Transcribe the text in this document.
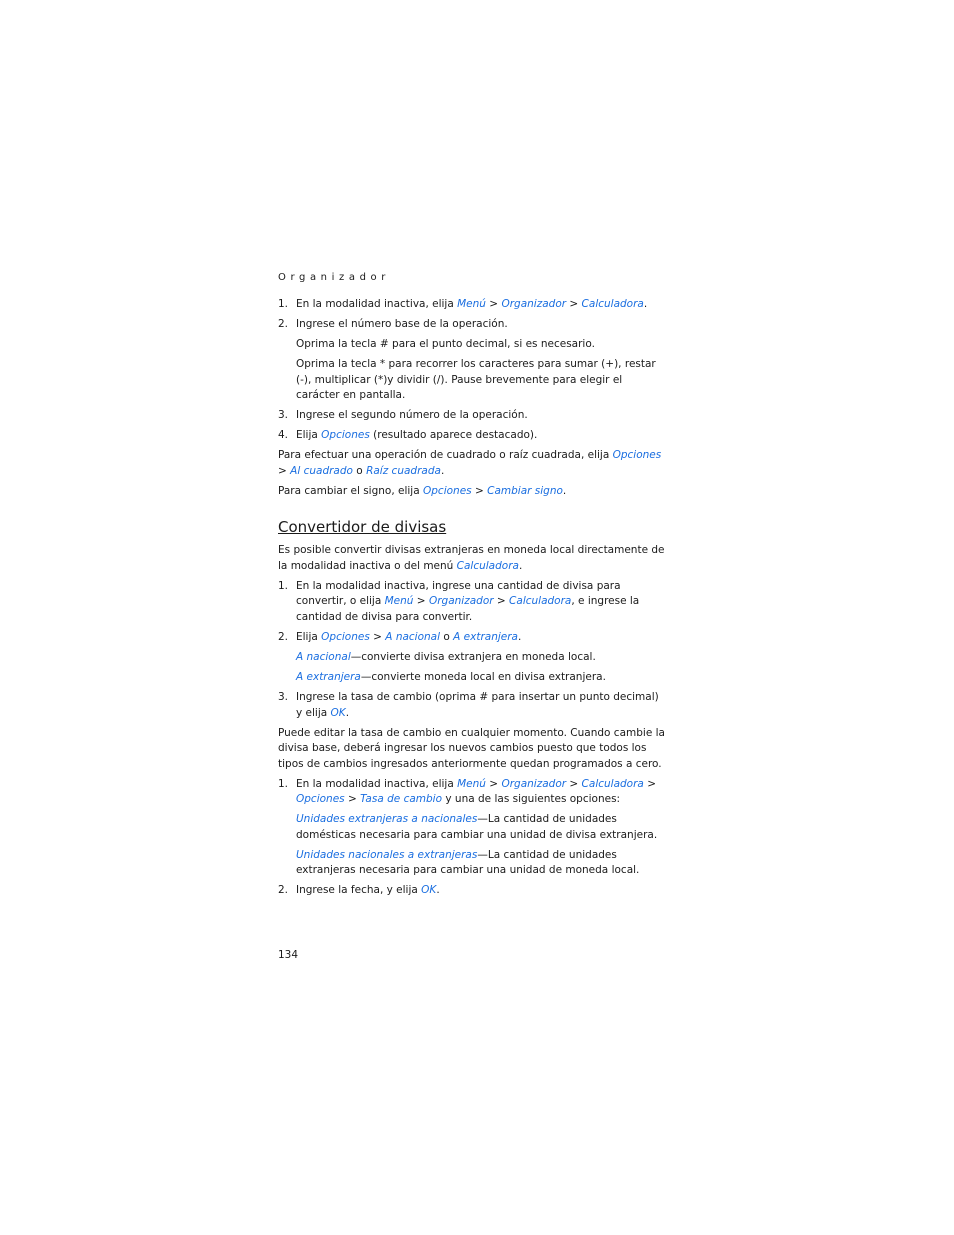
Organizador
1. En la modalidad inactiva, elija Menú > Organizador > Calculadora.
2. Ingrese el número base de la operación.

Oprima la tecla # para el punto decimal, si es necesario.

Oprima la tecla * para recorrer los caracteres para sumar (+), restar (-), multiplicar (*)y dividir (/). Pause brevemente para elegir el carácter en pantalla.

3. Ingrese el segundo número de la operación.
4. Elija Opciones (resultado aparece destacado).

Para efectuar una operación de cuadrado o raíz cuadrada, elija Opciones > Al cuadrado o Raíz cuadrada.

Para cambiar el signo, elija Opciones > Cambiar signo.

Convertidor de divisas

Es posible convertir divisas extranjeras en moneda local directamente de la modalidad inactiva o del menú Calculadora.

1. En la modalidad inactiva, ingrese una cantidad de divisa para convertir, o elija Menú > Organizador > Calculadora, e ingrese la cantidad de divisa para convertir.
2. Elija Opciones > A nacional o A extranjera.

A nacional—convierte divisa extranjera en moneda local.

A extranjera—convierte moneda local en divisa extranjera.

3. Ingrese la tasa de cambio (oprima # para insertar un punto decimal) y elija OK.

Puede editar la tasa de cambio en cualquier momento. Cuando cambie la divisa base, deberá ingresar los nuevos cambios puesto que todos los tipos de cambios ingresados anteriormente quedan programados a cero.

1. En la modalidad inactiva, elija Menú > Organizador > Calculadora > Opciones > Tasa de cambio y una de las siguientes opciones:

Unidades extranjeras a nacionales—La cantidad de unidades domésticas necesaria para cambiar una unidad de divisa extranjera.

Unidades nacionales a extranjeras—La cantidad de unidades extranjeras necesaria para cambiar una unidad de moneda local.

2. Ingrese la fecha, y elija OK.
134
